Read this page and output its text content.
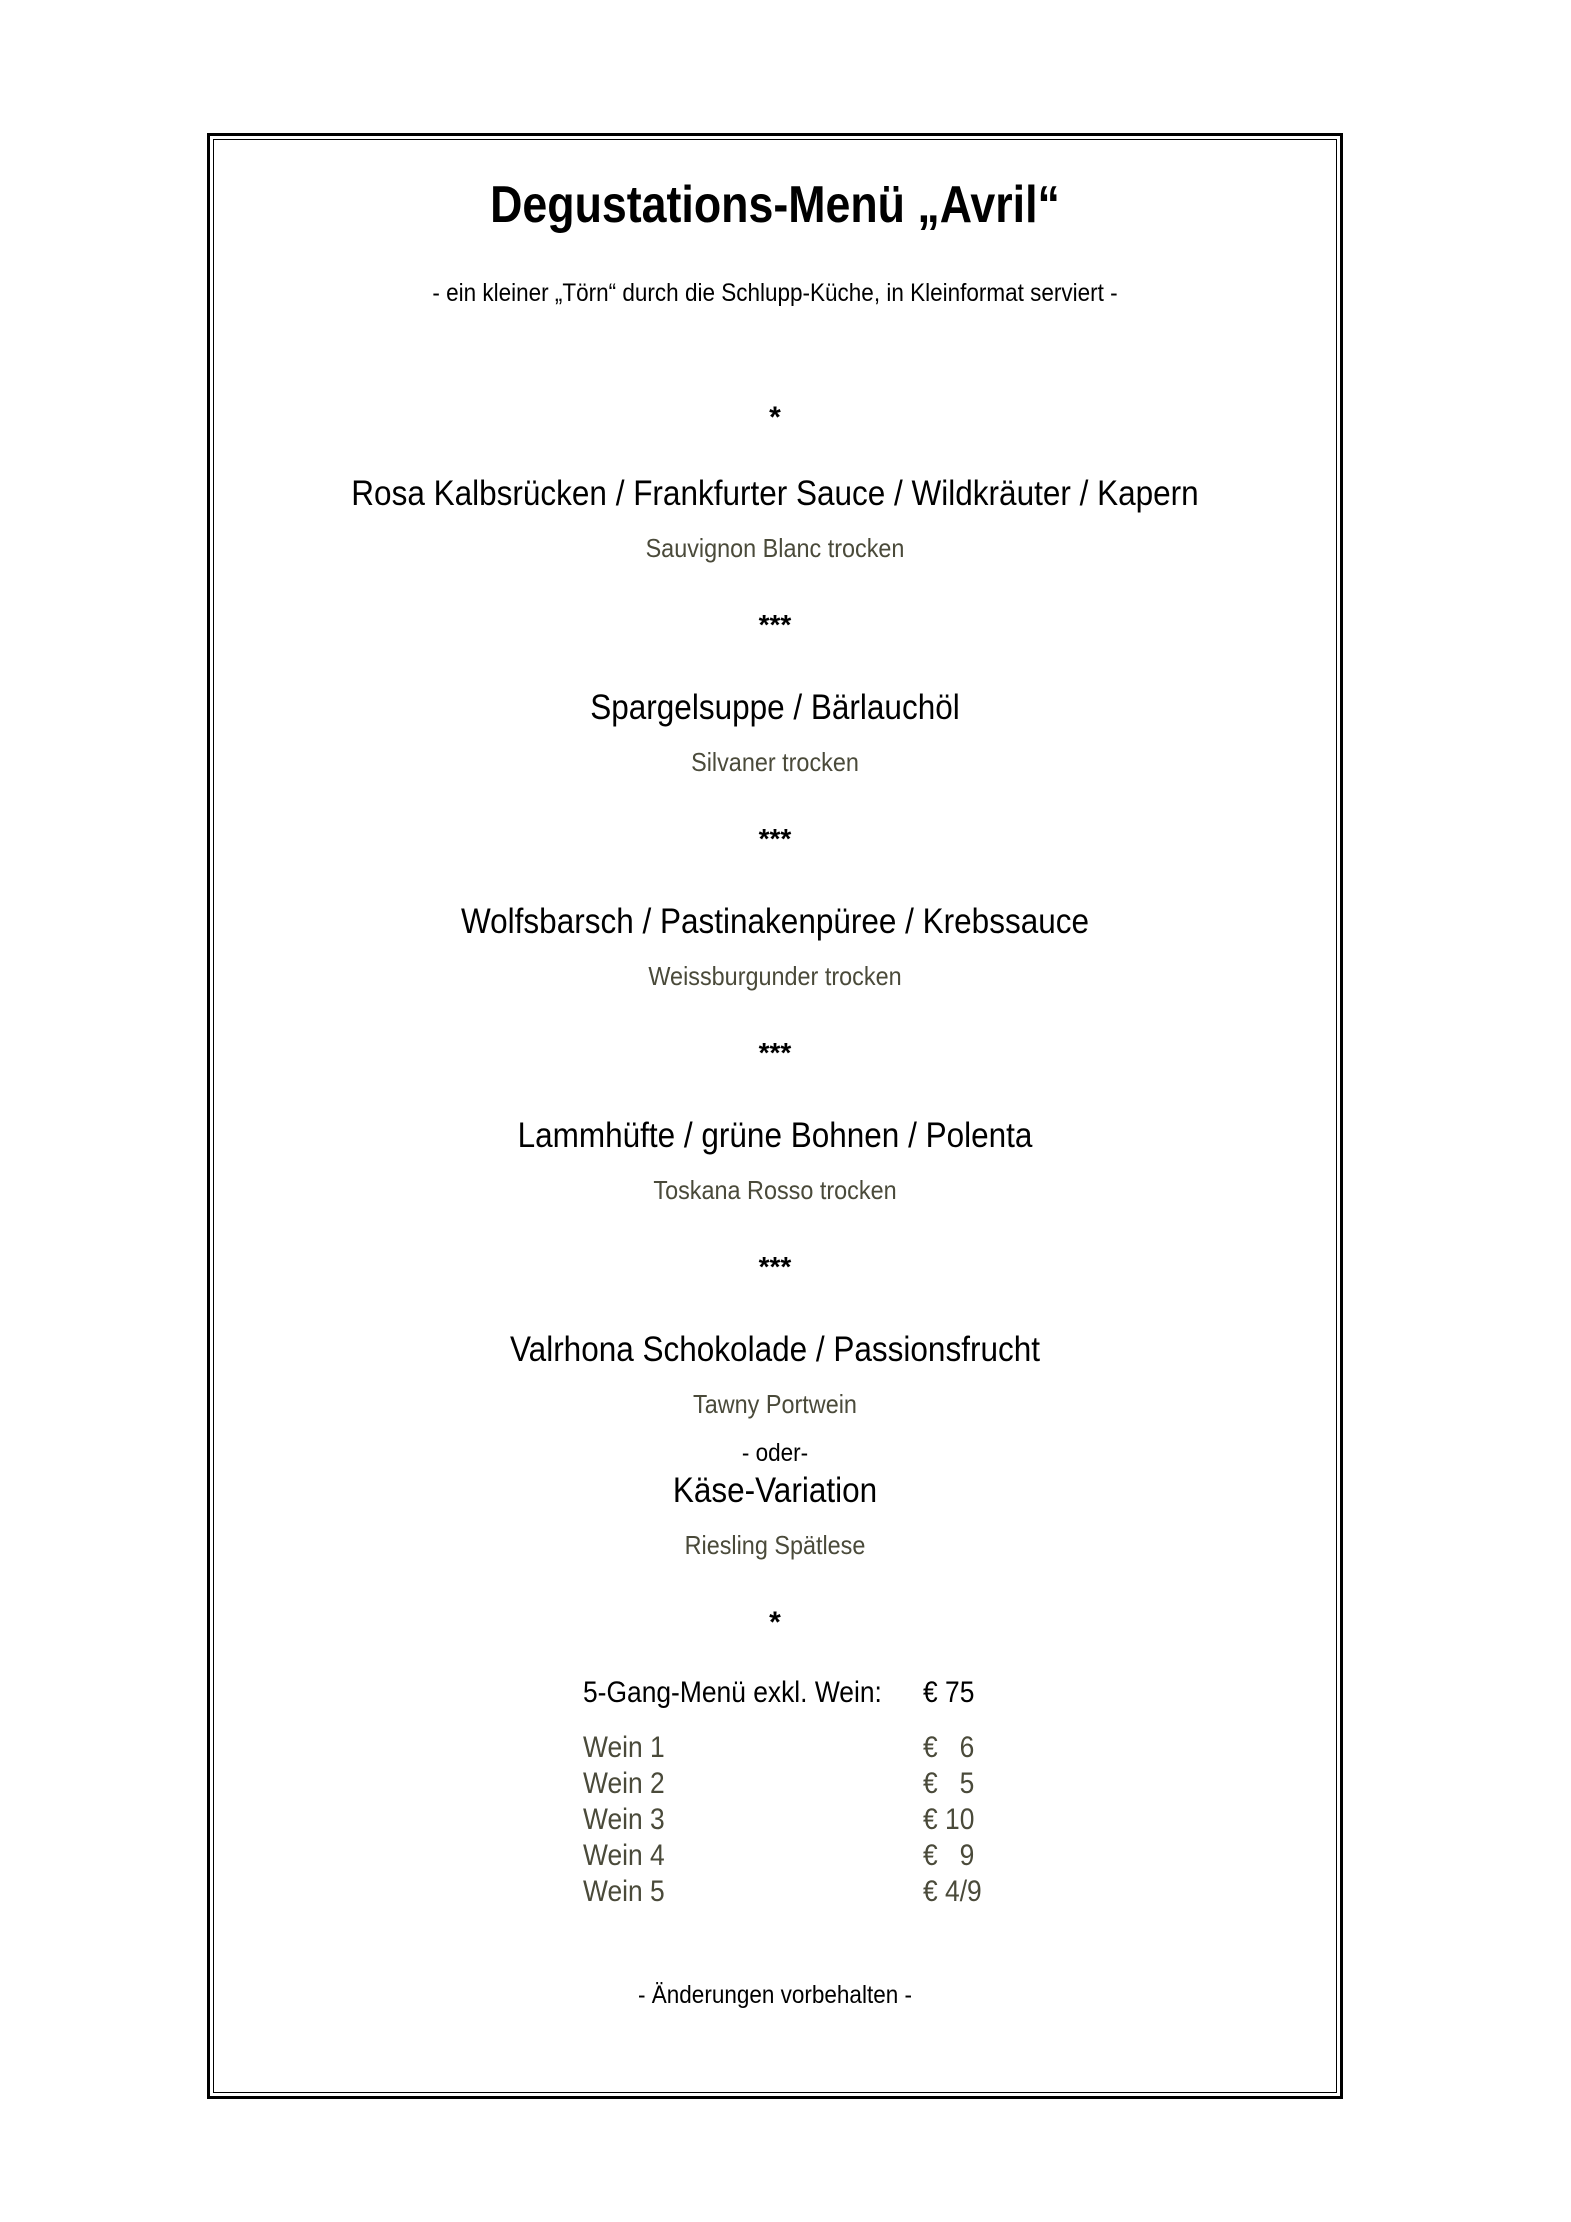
Degustations-Menü „Avril“
- ein kleiner „Törn“ durch die Schlupp-Küche, in Kleinformat serviert -
*
Rosa Kalbsrücken / Frankfurter Sauce / Wildkräuter / Kapern
Sauvignon Blanc trocken
***
Spargelsuppe / Bärlauchöl
Silvaner trocken
***
Wolfsbarsch / Pastinakenpüree / Krebssauce
Weissburgunder trocken
***
Lammhüfte / grüne Bohnen / Polenta
Toskana Rosso trocken
***
Valrhona Schokolade / Passionsfrucht
Tawny Portwein
- oder-
Käse-Variation
Riesling Spätlese
*
5-Gang-Menü exkl. Wein: € 75
Wein 1	€   6
Wein 2	€   5
Wein 3	€ 10
Wein 4	€   9
Wein 5	€ 4/9
- Änderungen vorbehalten -
